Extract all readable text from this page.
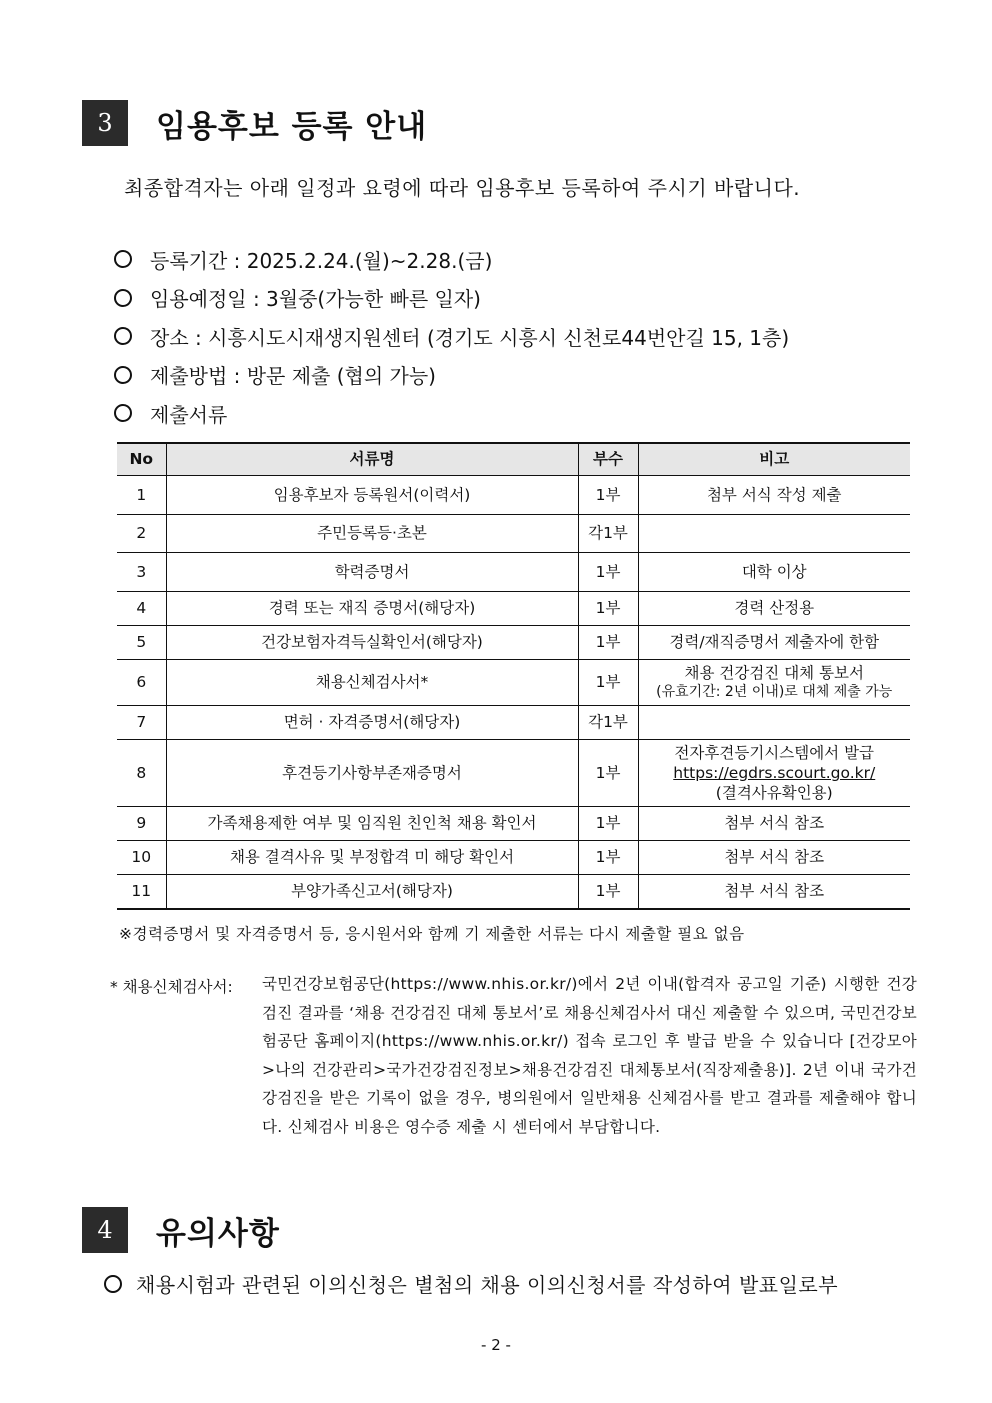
3	임용후보 등록 안내
최종합격자는 아래 일정과 요령에 따라 임용후보 등록하여 주시기 바랍니다.
등록기간 : 2025.2.24.(월)~2.28.(금)
임용예정일 : 3월중(가능한 빠른 일자)
장소 : 시흥시도시재생지원센터 (경기도 시흥시 신천로44번안길 15, 1층)
제출방법 : 방문 제출 (협의 가능)
제출서류
No	서류명	부수	비고
1	임용후보자 등록원서(이력서)	1부	첨부 서식 작성 제출
2	주민등록등·초본	각1부	
3	학력증명서	1부	대학 이상
4	경력 또는 재직 증명서(해당자)	1부	경력 산정용
5	건강보험자격득실확인서(해당자)	1부	경력/재직증명서 제출자에 한함
6	채용신체검사서*	1부	채용 건강검진 대체 통보서
(유효기간: 2년 이내)로 대체 제출 가능

7	면허 · 자격증명서(해당자)	각1부	
8	후견등기사항부존재증명서	1부	전자후견등기시스템에서 발급
https://egdrs.scourt.go.kr/
(결격사유확인용)

9	가족채용제한 여부 및 임직원 친인척 채용 확인서	1부	첨부 서식 참조
10	채용 결격사유 및 부정합격 미 해당 확인서	1부	첨부 서식 참조
11	부양가족신고서(해당자)	1부	첨부 서식 참조
※경력증명서 및 자격증명서 등, 응시원서와 함께 기 제출한 서류는 다시 제출할 필요 없음
* 채용신체검사서: 국민건강보험공단(https://www.nhis.or.kr/)에서 2년 이내(합격자 공고일 기준) 시행한 건강검진 결과를 ‘채용 건강검진 대체 통보서’로 채용신체검사서 대신 제출할 수 있으며, 국민건강보험공단 홈페이지(https://www.nhis.or.kr/) 접속 로그인 후 발급 받을 수 있습니다 [건강모아>나의 건강관리>국가건강검진정보>채용건강검진 대체통보서(직장제출용)]. 2년 이내 국가건강검진을 받은 기록이 없을 경우, 병의원에서 일반채용 신체검사를 받고 결과를 제출해야 합니다. 신체검사 비용은 영수증 제출 시 센터에서 부담합니다.
4	유의사항
채용시험과 관련된 이의신청은 별첨의 채용 이의신청서를 작성하여 발표일로부
- 2 -
